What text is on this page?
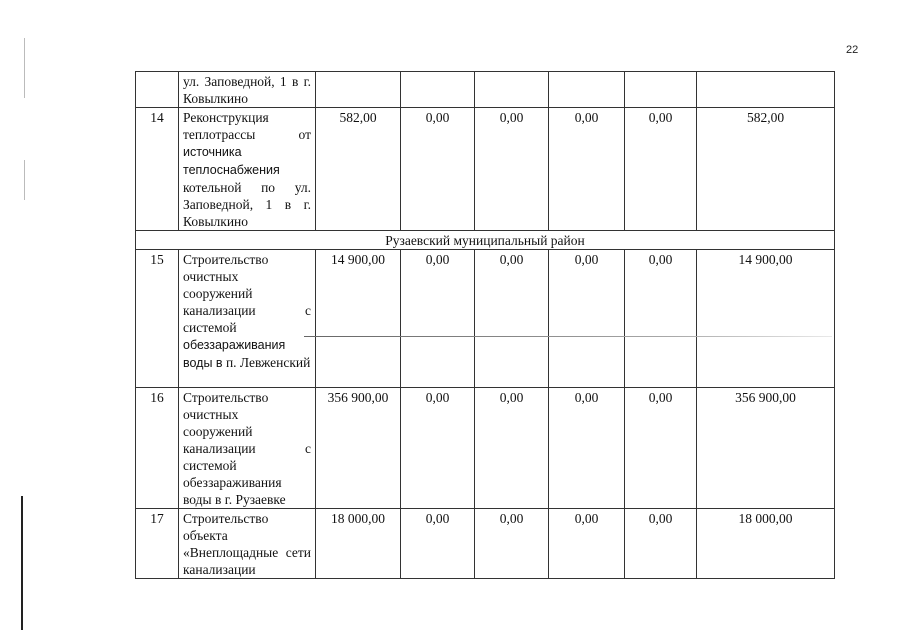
22
	ул. Заповедной, 1 в г. Ковылкино						
14	Реконструкция теплотрассы от источника теплоснабжения котельной по ул. Заповедной, 1 в г. Ковылкино	582,00	0,00	0,00	0,00	0,00	582,00
Рузаевский муниципальный район							
15	Строительство очистных сооружений канализации с системой обеззараживания воды в п. Левженский	14 900,00	0,00	0,00	0,00	0,00	14 900,00
16	Строительство очистных сооружений канализации с системой обеззараживания воды в г. Рузаевке	356 900,00	0,00	0,00	0,00	0,00	356 900,00
17	Строительство объекта «Внеплощадные сети канализации	18 000,00	0,00	0,00	0,00	0,00	18 000,00
